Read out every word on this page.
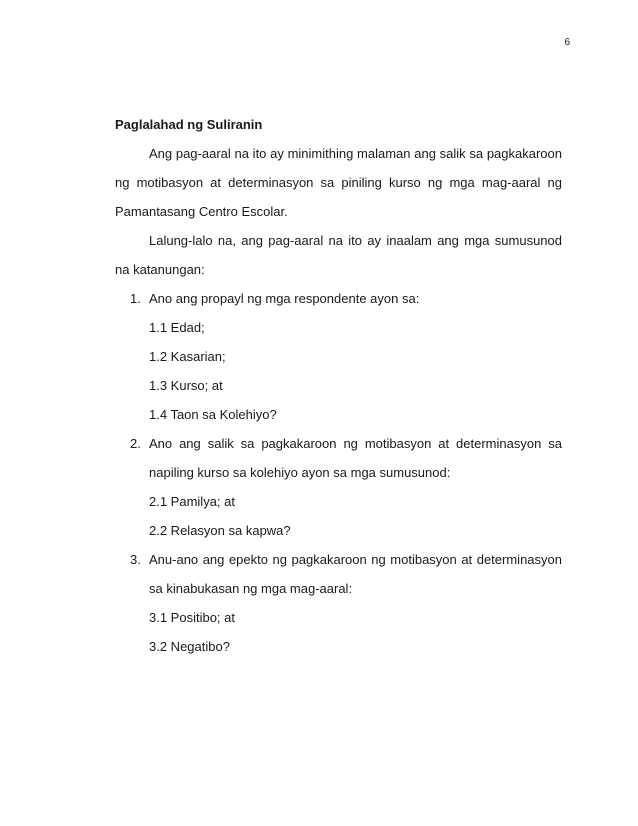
6

Paglalahad ng Suliranin

Ang pag-aaral na ito ay minimithing malaman ang salik sa pagkakaroon ng motibasyon at determinasyon sa piniling kurso ng mga mag-aaral ng Pamantasang Centro Escolar.

Lalung-lalo na, ang pag-aaral na ito ay inaalam ang mga sumusunod na katanungan:

1. Ano ang propayl ng mga respondente ayon sa:
1.1 Edad;
1.2 Kasarian;
1.3 Kurso; at
1.4 Taon sa Kolehiyo?
2. Ano ang salik sa pagkakaroon ng motibasyon at determinasyon sa napiling kurso sa kolehiyo ayon sa mga sumusunod:
2.1 Pamilya; at
2.2 Relasyon sa kapwa?
3. Anu-ano ang epekto ng pagkakaroon ng motibasyon at determinasyon sa kinabukasan ng mga mag-aaral:
3.1 Positibo; at
3.2 Negatibo?
